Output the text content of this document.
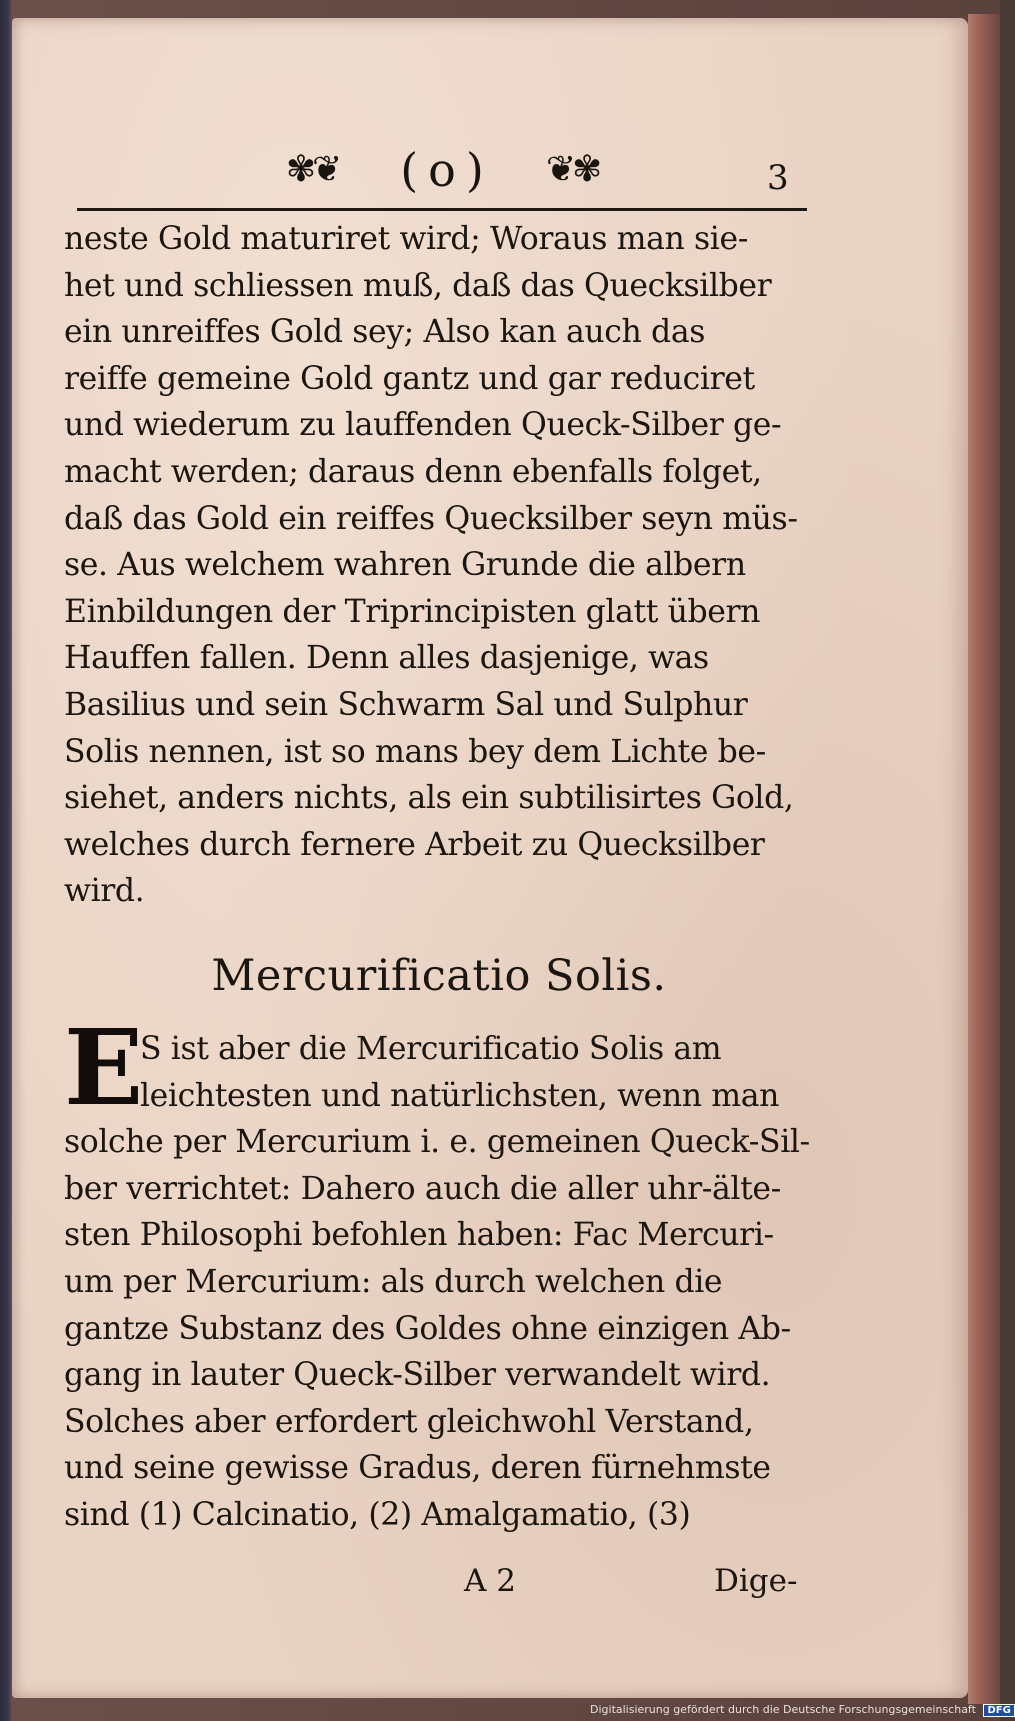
✾❦	(o)	❦✾	3
neste Gold maturiret wird; Woraus man sie-
het und schliessen muß, daß das Quecksilber
ein unreiffes Gold sey; Also kan auch das
reiffe gemeine Gold gantz und gar reduciret
und wiederum zu lauffenden Queck-Silber ge-
macht werden; daraus denn ebenfalls folget,
daß das Gold ein reiffes Quecksilber seyn müs-
se. Aus welchem wahren Grunde die albern
Einbildungen der Triprincipisten glatt übern
Hauffen fallen. Denn alles dasjenige, was
Basilius und sein Schwarm Sal und Sulphur
Solis nennen, ist so mans bey dem Lichte be-
siehet, anders nichts, als ein subtilisirtes Gold,
welches durch fernere Arbeit zu Quecksilber
wird.
Mercurificatio Solis.
E
S ist aber die Mercurificatio Solis am
leichtesten und natürlichsten, wenn man
solche per Mercurium i. e. gemeinen Queck-Sil-
ber verrichtet: Dahero auch die aller uhr-älte-
sten Philosophi befohlen haben: Fac Mercuri-
um per Mercurium: als durch welchen die
gantze Substanz des Goldes ohne einzigen Ab-
gang in lauter Queck-Silber verwandelt wird.
Solches aber erfordert gleichwohl Verstand,
und seine gewisse Gradus, deren fürnehmste
sind (1) Calcinatio, (2) Amalgamatio, (3)
A 2	Dige-
Digitalisierung gefördert durch die Deutsche Forschungsgemeinschaft DFG
